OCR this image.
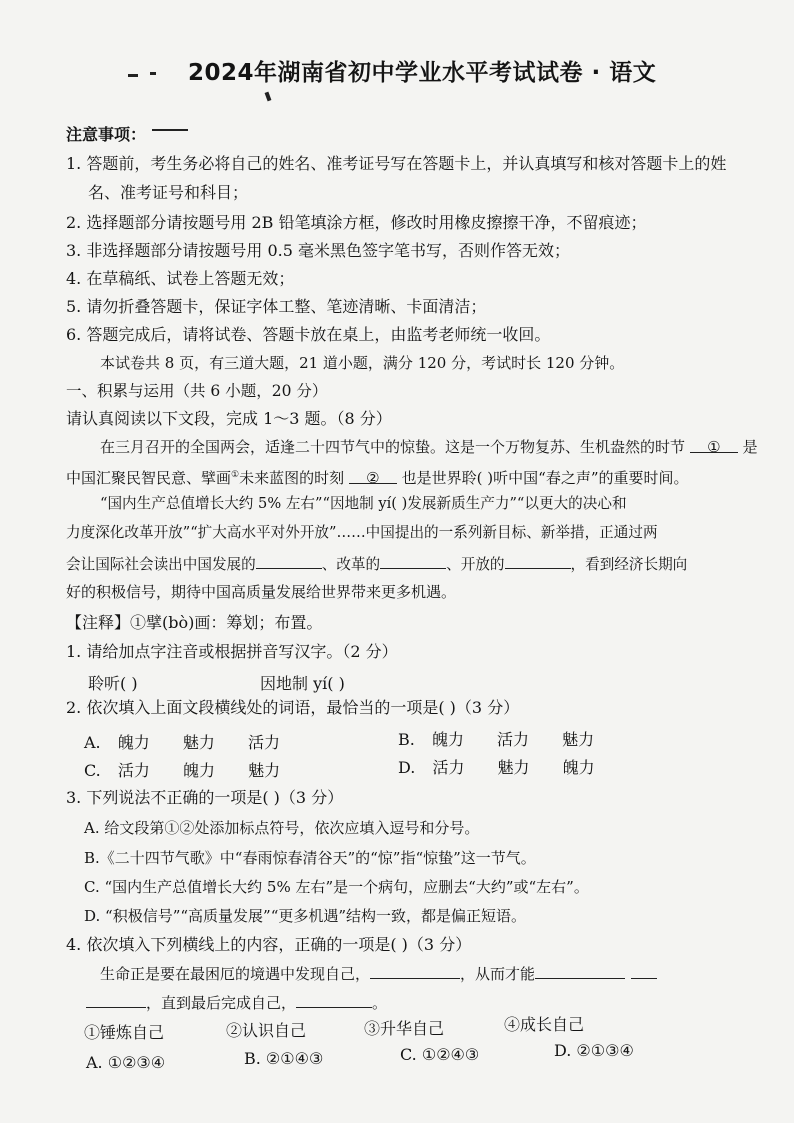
2024年湖南省初中学业水平考试试卷 · 语文
注意事项：
1. 答题前，考生务必将自己的姓名、准考证号写在答题卡上，并认真填写和核对答题卡上的姓
名、准考证号和科目；
2. 选择题部分请按题号用 2B 铅笔填涂方框，修改时用橡皮擦擦干净，不留痕迹；
3. 非选择题部分请按题号用 0.5 毫米黑色签字笔书写，否则作答无效；
4. 在草稿纸、试卷上答题无效；
5. 请勿折叠答题卡，保证字体工整、笔迹清晰、卡面清洁；
6. 答题完成后，请将试卷、答题卡放在桌上，由监考老师统一收回。
本试卷共 8 页，有三道大题，21 道小题，满分 120 分，考试时长 120 分钟。
一、积累与运用（共 6 小题，20 分）
请认真阅读以下文段，完成 1～3 题。（8 分）
在三月召开的全国两会，适逢二十四节气中的惊蛰。这是一个万物复苏、生机盎然的时节 ① 是
中国汇聚民智民意、擘画①未来蓝图的时刻 ② 也是世界聆( )听中国“春之声”的重要时间。
“国内生产总值增长大约 5% 左右”“因地制 yí( )发展新质生产力”“以更大的决心和
力度深化改革开放”“扩大高水平对外开放”……中国提出的一系列新目标、新举措，正通过两
会让国际社会读出中国发展的	、改革的	、开放的	，看到经济长期向
好的积极信号，期待中国高质量发展给世界带来更多机遇。
【注释】①擘(bò)画：筹划；布置。
1. 请给加点字注音或根据拼音写汉字。（2 分）
聆听( )	因地制 yí( )
2. 依次填入上面文段横线处的词语，最恰当的一项是( )（3 分）
A. 魄力 魅力 活力	B. 魄力 活力 魅力
C. 活力 魄力 魅力	D. 活力 魅力 魄力
3. 下列说法不正确的一项是( )（3 分）
A. 给文段第①②处添加标点符号，依次应填入逗号和分号。
B.《二十四节气歌》中“春雨惊春清谷天”的“惊”指“惊蛰”这一节气。
C. “国内生产总值增长大约 5% 左右”是一个病句，应删去“大约”或“左右”。
D. “积极信号”“高质量发展”“更多机遇”结构一致，都是偏正短语。
4. 依次填入下列横线上的内容，正确的一项是( )（3 分）
生命正是要在最困厄的境遇中发现自己，	，从而才能
，直到最后完成自己，	。
①锤炼自己	②认识自己	③升华自己	④成长自己
A. ①②③④	B. ②①④③	C. ①②④③	D. ②①③④
